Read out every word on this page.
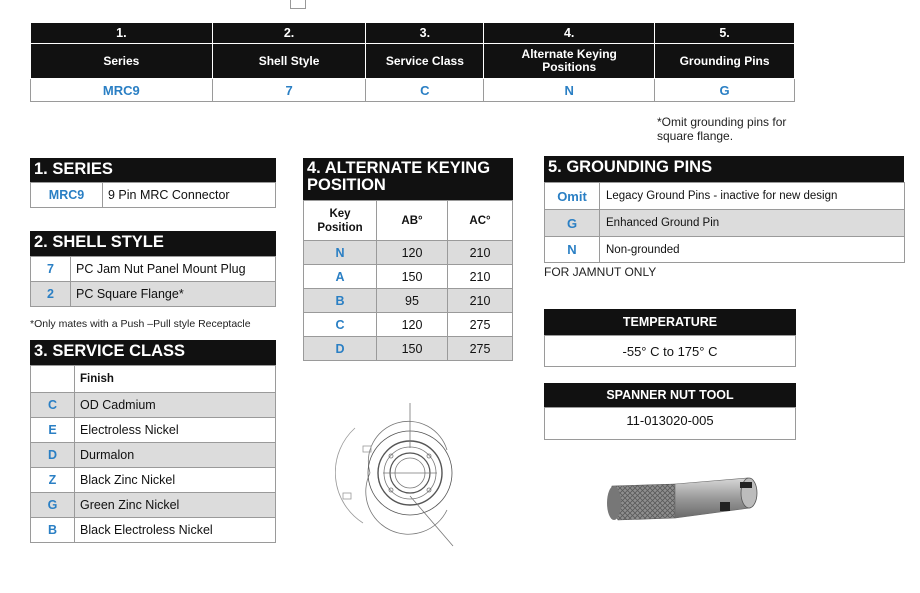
1.	2.	3.	4.	5.
Series	Shell Style	Service Class	Alternate Keying Positions	Grounding Pins
MRC9	7	C	N	G
*Omit grounding pins for square flange.
1. SERIES
MRC9	9 Pin MRC Connector
2. SHELL STYLE
7	PC Jam Nut Panel Mount Plug
2	PC Square Flange*
*Only mates with a Push –Pull style Receptacle
3. SERVICE CLASS
	Finish
C	OD Cadmium
E	Electroless Nickel
D	Durmalon
Z	Black Zinc Nickel
G	Green Zinc Nickel
B	Black Electroless Nickel
4. ALTERNATE KEYING POSITION
Key Position	AB°	AC°
N	120	210
A	150	210
B	95	210
C	120	275
D	150	275
5. GROUNDING PINS
Omit	Legacy Ground Pins - inactive for new design
G	Enhanced Ground Pin
N	Non-grounded
FOR JAMNUT ONLY
TEMPERATURE
-55° C to 175° C
SPANNER NUT TOOL
11-013020-005
